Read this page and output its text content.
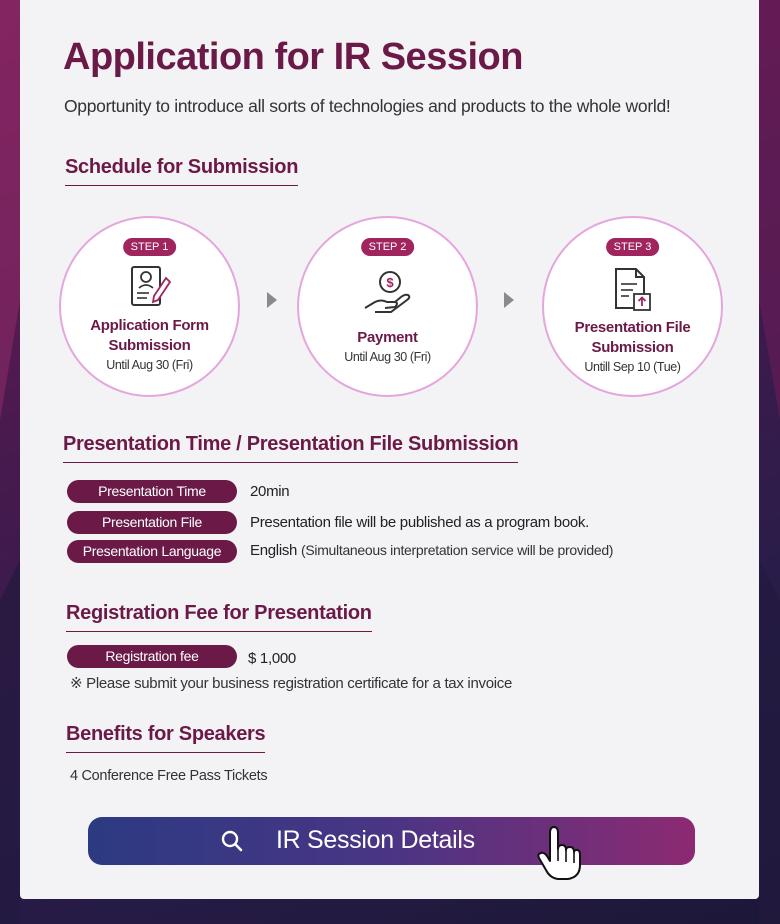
Application for IR Session
Opportunity to introduce all sorts of technologies and products to the whole world!
Schedule for Submission
STEP 1
Application Form
Submission
Until Aug 30 (Fri)
STEP 2
$
Payment
Until Aug 30 (Fri)
STEP 3
Presentation File
Submission
Untill Sep 10 (Tue)
Presentation Time / Presentation File Submission
Presentation Time	20min
Presentation File	Presentation file will be published as a program book.
Presentation Language	English (Simultaneous interpretation service will be provided)
Registration Fee for Presentation
Registration fee	$ 1,000
※ Please submit your business registration certificate for a tax invoice
Benefits for Speakers
4 Conference Free Pass Tickets
IR Session Details
